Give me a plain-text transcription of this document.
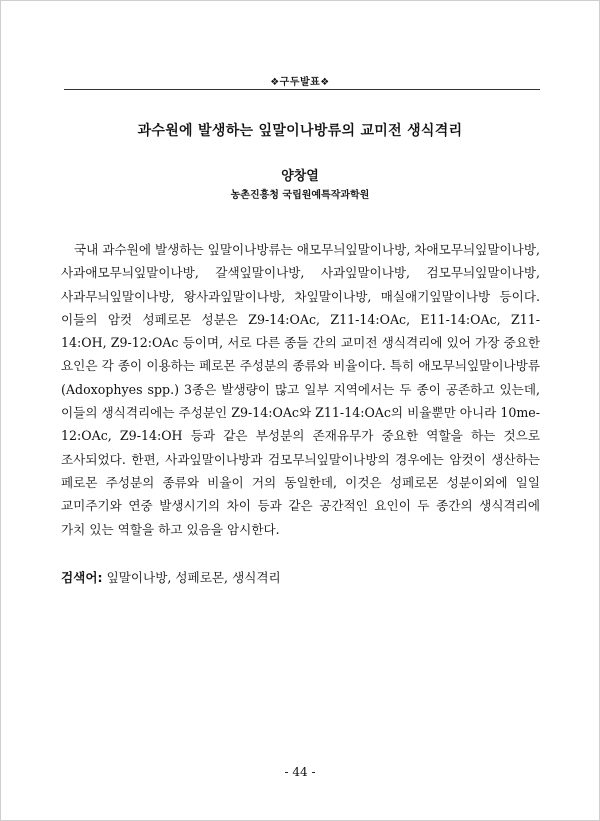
❖구두발표❖
과수원에 발생하는 잎말이나방류의 교미전 생식격리
양창열
농촌진흥청 국립원예특작과학원

국내 과수원에 발생하는 잎말이나방류는 애모무늬잎말이나방, 차애모무늬잎말이나방, 사과애모무늬잎말이나방, 갈색잎말이나방, 사과잎말이나방, 검모무늬잎말이나방, 사과무늬잎말이나방, 왕사과잎말이나방, 차잎말이나방, 매실애기잎말이나방 등이다. 이들의 암컷 성페로몬 성분은 Z9-14:OAc, Z11-14:OAc, E11-14:OAc, Z11-14:OH, Z9-12:OAc 등이며, 서로 다른 종들 간의 교미전 생식격리에 있어 가장 중요한 요인은 각 종이 이용하는 페로몬 주성분의 종류와 비율이다. 특히 애모무늬잎말이나방류(Adoxophyes spp.) 3종은 발생량이 많고 일부 지역에서는 두 종이 공존하고 있는데, 이들의 생식격리에는 주성분인 Z9-14:OAc와 Z11-14:OAc의 비율뿐만 아니라 10me-12:OAc, Z9-14:OH 등과 같은 부성분의 존재유무가 중요한 역할을 하는 것으로 조사되었다. 한편, 사과잎말이나방과 검모무늬잎말이나방의 경우에는 암컷이 생산하는 페로몬 주성분의 종류와 비율이 거의 동일한데, 이것은 성페로몬 성분이외에 일일 교미주기와 연중 발생시기의 차이 등과 같은 공간적인 요인이 두 종간의 생식격리에 가치 있는 역할을 하고 있음을 암시한다.

검색어: 잎말이나방, 성페로몬, 생식격리
- 44 -
